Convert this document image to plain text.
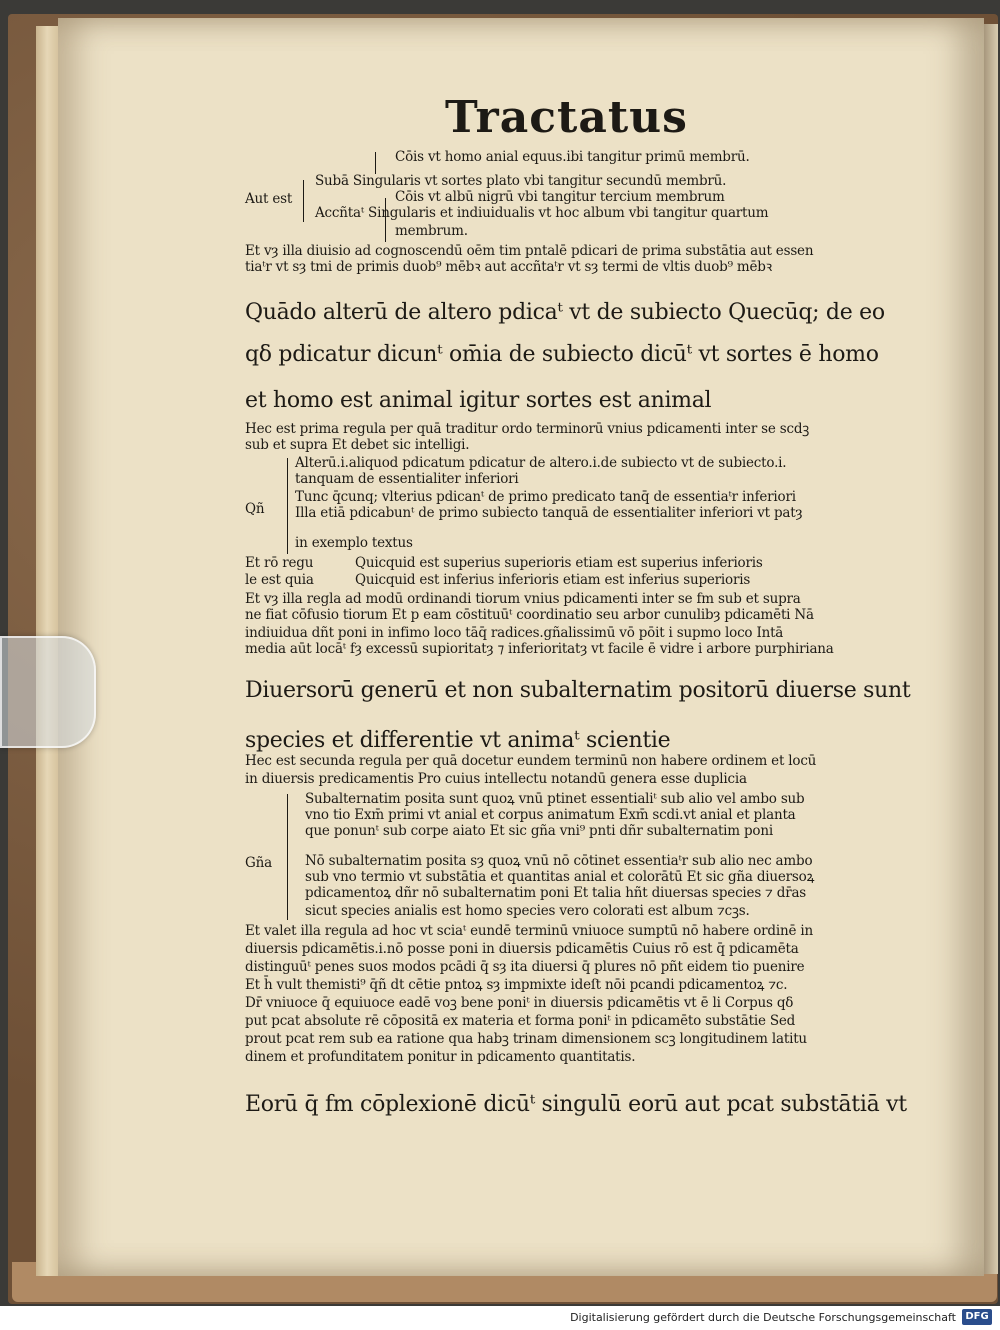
Tractatus
Cōis vt homo anial equus.ibi tangitur primū membrū.
Subā Singularis vt sortes plato vbi tangitur secundū membrū.
Aut est	Cōis vt albū nigrū vbi tangitur tercium membrum
Accñtaᵗ Singularis et indiuidualis vt hoc album vbi tangitur quartum
membrum.
Et vȝ illa diuisio ad cognoscendū oēm tim pntalē pdicari de prima substātia aut essen
tiaᵗr vt sȝ tmi de primis duob⁹ mēbꝛ aut accñtaᵗr vt sȝ termi de vltis duob⁹ mēbꝛ
Quādo alterū de altero pdicaᵗ vt de subiecto Quecūq; de eo
qδ pdicatur dicunᵗ om̄ia de subiecto dicūᵗ vt sortes ē homo
et homo est animal igitur sortes est animal
Hec est prima regula per quā traditur ordo terminorū vnius pdicamenti inter se scdꝫ
sub et supra Et debet sic intelligi.
Alterū.i.aliquod pdicatum pdicatur de altero.i.de subiecto vt de subiecto.i.
tanquam de essentialiter inferiori
Qñ
Tunc q̄cunq; vlterius pdicanᵗ de primo predicato tanq̄ de essentiaᵗr inferiori
Illa etiā pdicabunᵗ de primo subiecto tanquā de essentialiter inferiori vt patȝ
in exemplo textus
Et rō regu	Quicquid est superius superioris etiam est superius inferioris
le est quia	Quicquid est inferius inferioris etiam est inferius superioris
Et vȝ illa regla ad modū ordinandi tiorum vnius pdicamenti inter se fm sub et supra
ne fiat cōfusio tiorum Et p eam cōstituūᵗ coordinatio seu arbor cunulibȝ pdicamēti Nā
indiuidua dñt poni in infimo loco tāq̄ radices.gñalissimū vō pōit i supmo loco Intā
media aūt locāᵗ fȝ excessū supioritatȝ ⁊ inferioritatȝ vt facile ē vidre i arbore purphiriana
Diuersorū generū et non subalternatim positorū diuerse sunt
species et differentie vt animaᵗ scientie
Hec est secunda regula per quā docetur eundem terminū non habere ordinem et locū
in diuersis predicamentis Pro cuius intellectu notandū genera esse duplicia
Subalternatim posita sunt quoꝝ vnū ptinet essentialiᵗ sub alio vel ambo sub
vno tio Exm̄ primi vt anial et corpus animatum Exm̄ scdi.vt anial et planta
que ponunᵗ sub corpe aiato Et sic gña vni⁹ pnti dñr subalternatim poni
Gña Nō subalternatim posita sȝ quoꝝ vnū nō cōtinet essentiaᵗr sub alio nec ambo
sub vno termio vt substātia et quantitas anial et colorātū Et sic gña diuersoꝝ
pdicamentoꝝ dñr nō subalternatim poni Et talia hñt diuersas species ⁊ dr̄as
sicut species anialis est homo species vero colorati est album ⁊cꝫs.
Et valet illa regula ad hoc vt sciaᵗ eundē terminū vniuoce sumptū nō habere ordinē in
diuersis pdicamētis.i.nō posse poni in diuersis pdicamētis Cuius rō est q̄ pdicamēta
distinguūᵗ penes suos modos pcādi q̄ sȝ ita diuersi q̄ plures nō pñt eidem tio puenire
Et h̄ vult themisti⁹ q̄ñ dt cētie pntoꝝ sȝ impmixte ideſt nōi pcandi pdicamentoꝝ ⁊c.
Dr̄ vniuoce q̄ equiuoce eadē voꝫ bene poniᵗ in diuersis pdicamētis vt ē li Corpus qδ
put pcat absolute rē cōpositā ex materia et forma poniᵗ in pdicamēto substātie Sed
prout pcat rem sub ea ratione qua habꝫ trinam dimensionem scꝫ longitudinem latitu
dinem et profunditatem ponitur in pdicamento quantitatis.
Eorū q̄ fm cōplexionē dicūᵗ singulū eorū aut pcat substātiā vt
Digitalisierung gefördert durch die Deutsche Forschungsgemeinschaft DFG
